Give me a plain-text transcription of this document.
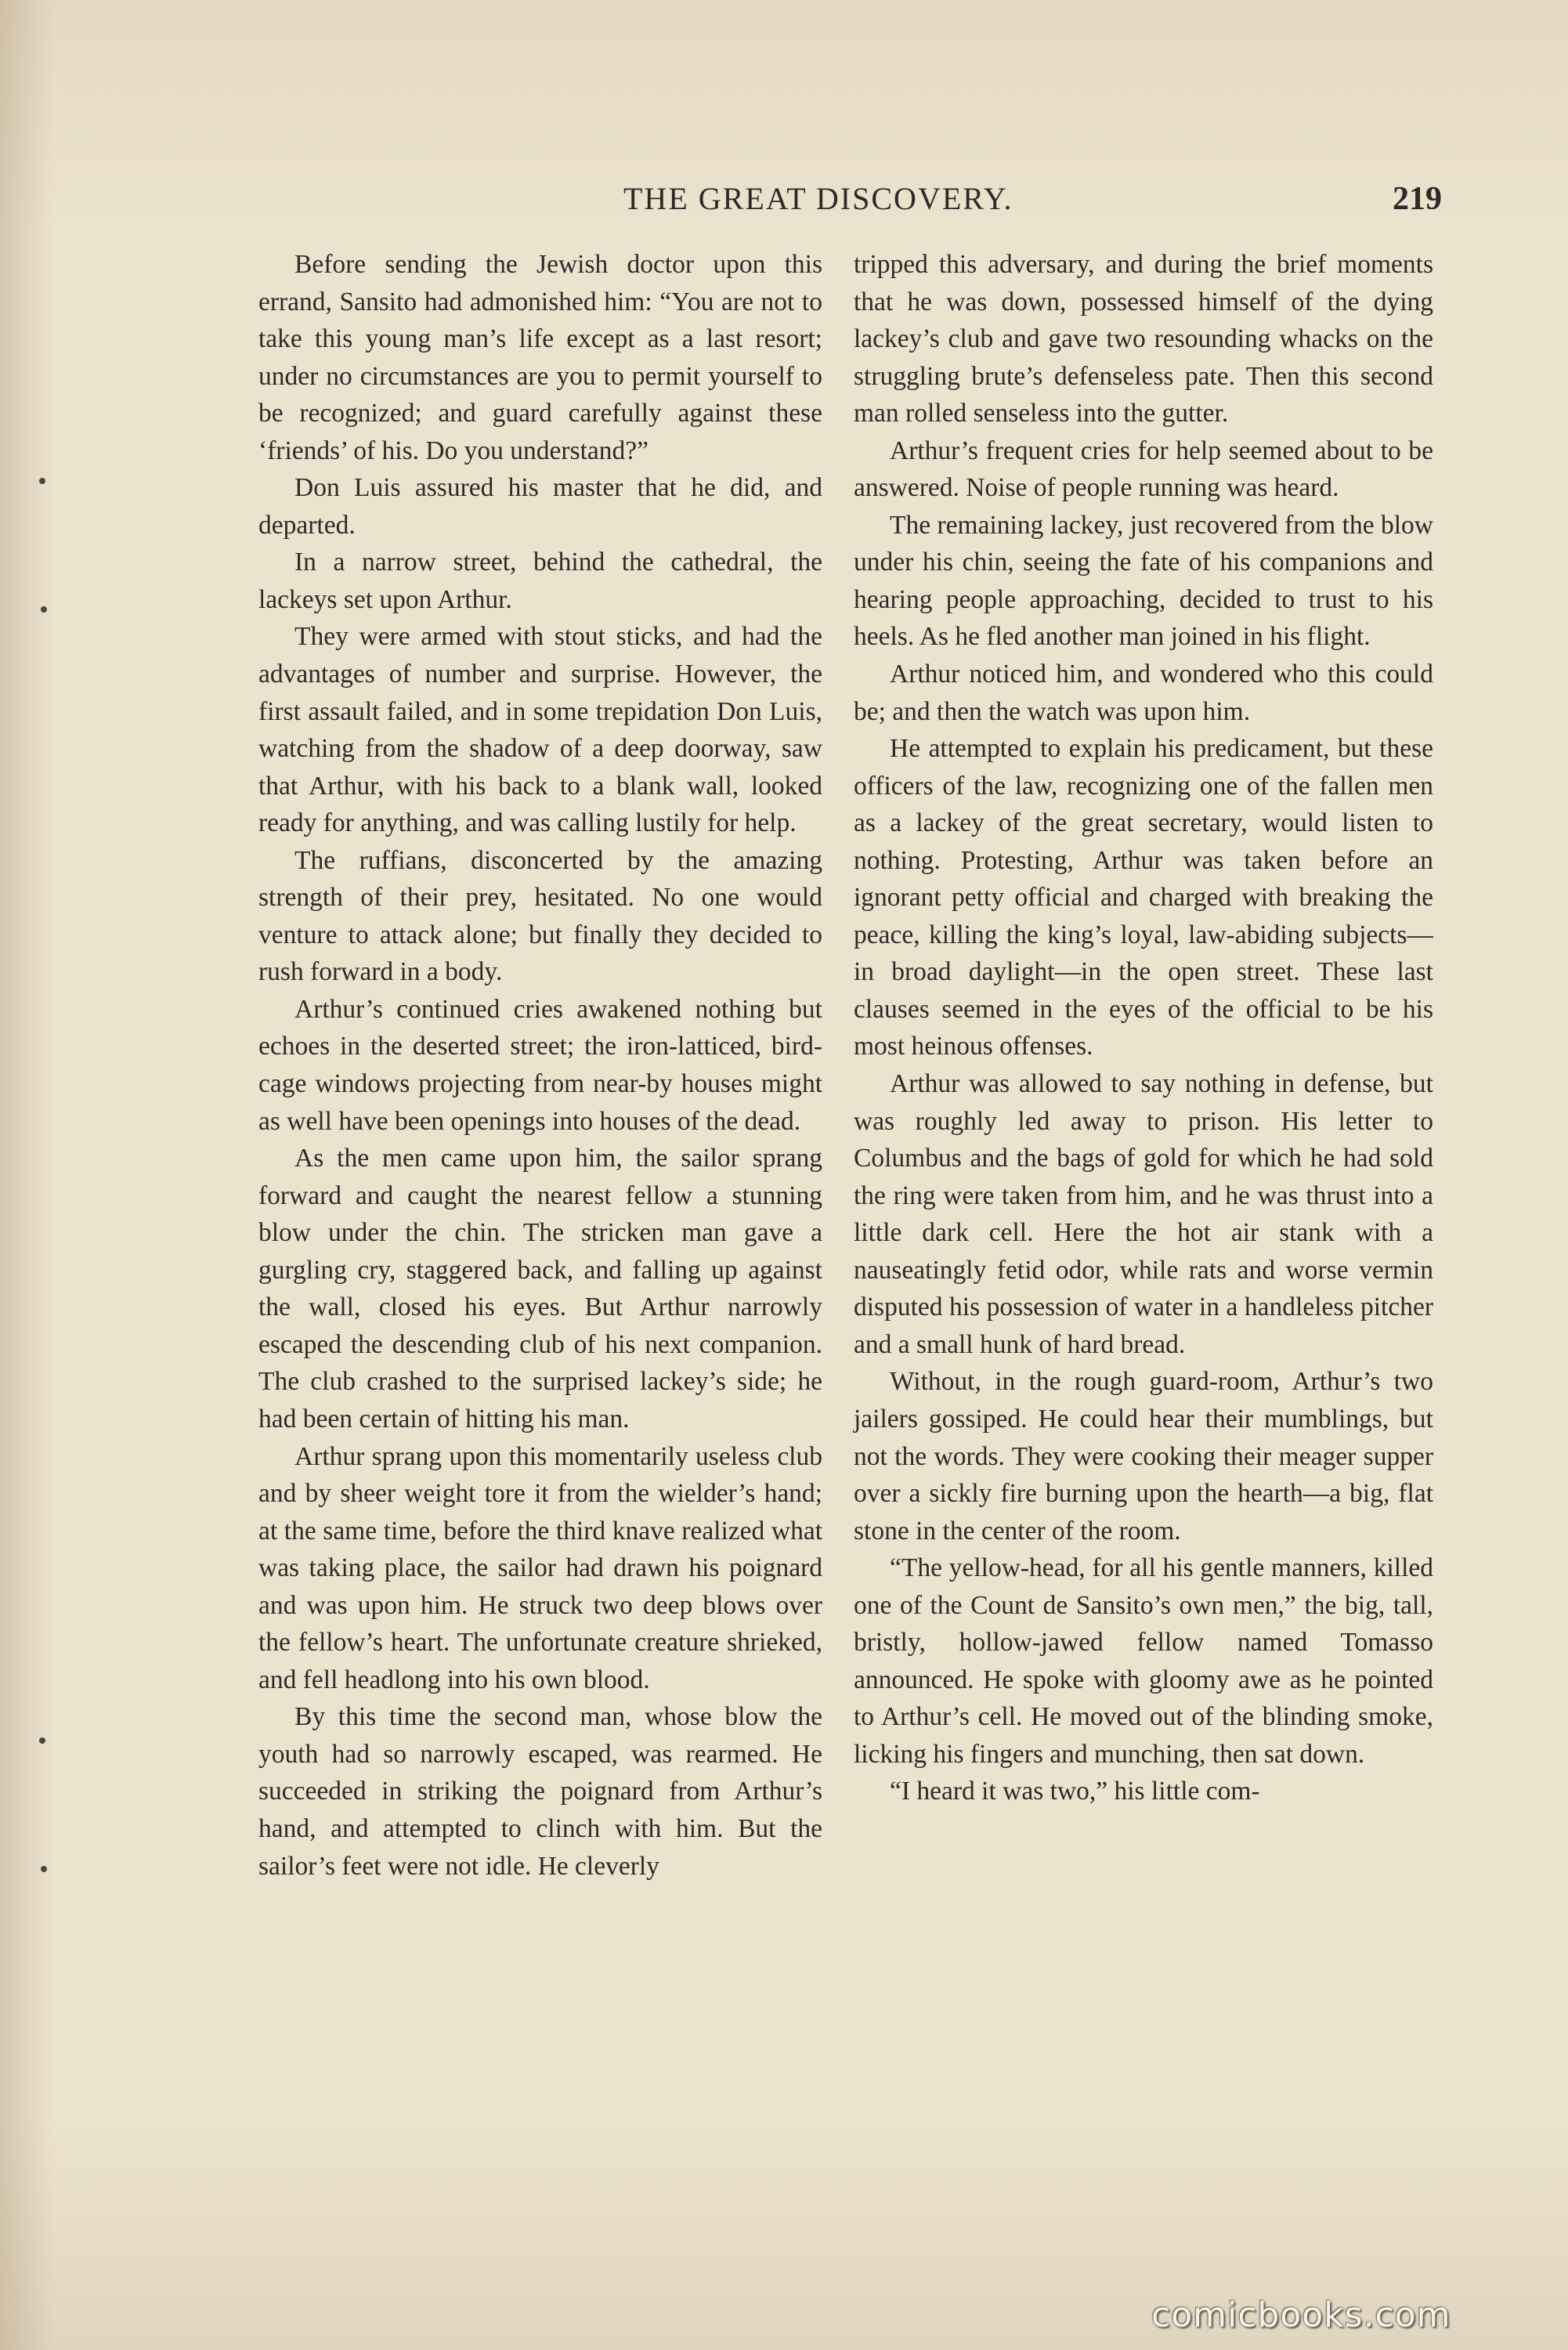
THE GREAT DISCOVERY.	219

Before sending the Jewish doctor upon this errand, Sansito had admonished him: “You are not to take this young man’s life except as a last resort; under no circumstances are you to permit yourself to be recognized; and guard carefully against these ‘friends’ of his. Do you understand?”

Don Luis assured his master that he did, and departed.

In a narrow street, behind the cathedral, the lackeys set upon Arthur.

They were armed with stout sticks, and had the advantages of number and surprise. However, the first assault failed, and in some trepidation Don Luis, watching from the shadow of a deep doorway, saw that Arthur, with his back to a blank wall, looked ready for anything, and was calling lustily for help.

The ruffians, disconcerted by the amazing strength of their prey, hesitated. No one would venture to attack alone; but finally they decided to rush forward in a body.

Arthur’s continued cries awakened nothing but echoes in the deserted street; the iron-latticed, bird-cage windows projecting from near-by houses might as well have been openings into houses of the dead.

As the men came upon him, the sailor sprang forward and caught the nearest fellow a stunning blow under the chin. The stricken man gave a gurgling cry, staggered back, and falling up against the wall, closed his eyes. But Arthur narrowly escaped the descending club of his next companion. The club crashed to the surprised lackey’s side; he had been certain of hitting his man.

Arthur sprang upon this momentarily useless club and by sheer weight tore it from the wielder’s hand; at the same time, before the third knave realized what was taking place, the sailor had drawn his poignard and was upon him. He struck two deep blows over the fellow’s heart. The unfortunate creature shrieked, and fell headlong into his own blood.

By this time the second man, whose blow the youth had so narrowly escaped, was rearmed. He succeeded in striking the poignard from Arthur’s hand, and attempted to clinch with him. But the sailor’s feet were not idle. He cleverly

tripped this adversary, and during the brief moments that he was down, possessed himself of the dying lackey’s club and gave two resounding whacks on the struggling brute’s defenseless pate. Then this second man rolled senseless into the gutter.

Arthur’s frequent cries for help seemed about to be answered. Noise of people running was heard.

The remaining lackey, just recovered from the blow under his chin, seeing the fate of his companions and hearing people approaching, decided to trust to his heels. As he fled another man joined in his flight.

Arthur noticed him, and wondered who this could be; and then the watch was upon him.

He attempted to explain his predicament, but these officers of the law, recognizing one of the fallen men as a lackey of the great secretary, would listen to nothing. Protesting, Arthur was taken before an ignorant petty official and charged with breaking the peace, killing the king’s loyal, law-abiding subjects—in broad daylight—in the open street. These last clauses seemed in the eyes of the official to be his most heinous offenses.

Arthur was allowed to say nothing in defense, but was roughly led away to prison. His letter to Columbus and the bags of gold for which he had sold the ring were taken from him, and he was thrust into a little dark cell. Here the hot air stank with a nauseatingly fetid odor, while rats and worse vermin disputed his possession of water in a handleless pitcher and a small hunk of hard bread.

Without, in the rough guard-room, Arthur’s two jailers gossiped. He could hear their mumblings, but not the words. They were cooking their meager supper over a sickly fire burning upon the hearth—a big, flat stone in the center of the room.

“The yellow-head, for all his gentle manners, killed one of the Count de Sansito’s own men,” the big, tall, bristly, hollow-jawed fellow named Tomasso announced. He spoke with gloomy awe as he pointed to Arthur’s cell. He moved out of the blinding smoke, licking his fingers and munching, then sat down.

“I heard it was two,” his little com-

comicbooks.com
